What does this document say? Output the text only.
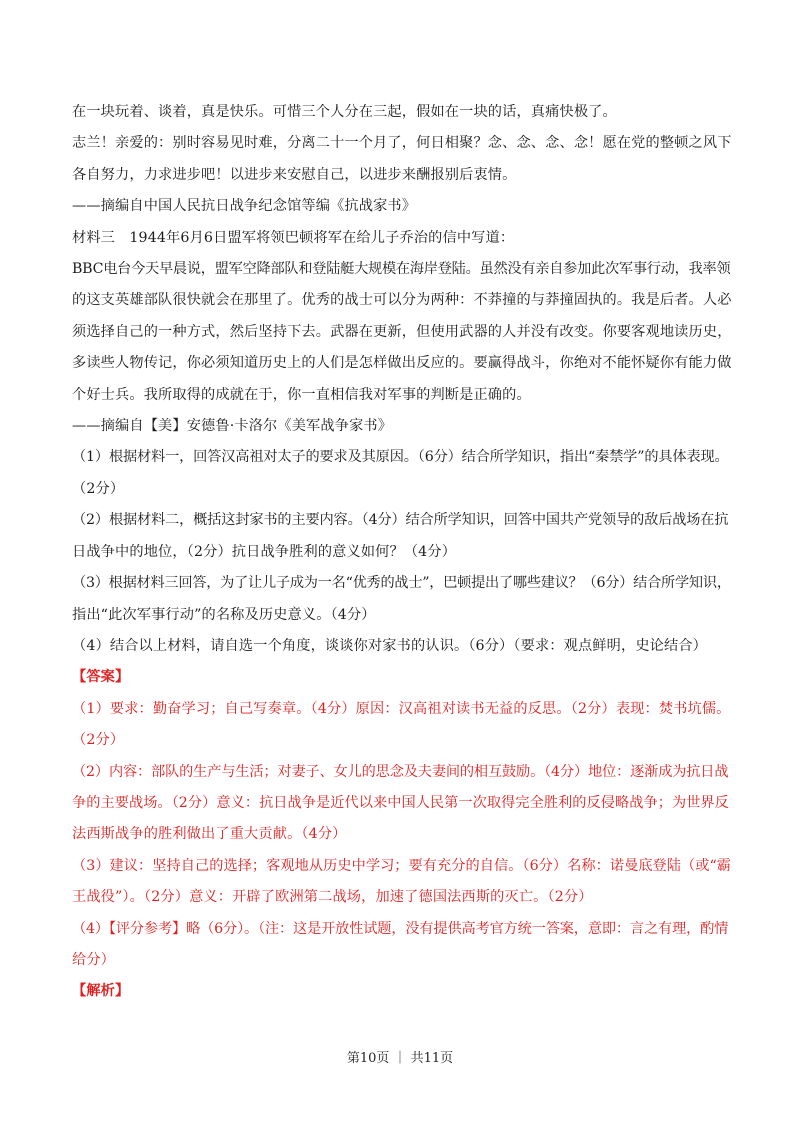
在一块玩着、谈着，真是快乐。可惜三个人分在三起，假如在一块的话，真痛快极了。
志兰！亲爱的：别时容易见时难，分离二十一个月了，何日相聚？念、念、念、念！愿在党的整顿之风下
各自努力，力求进步吧！以进步来安慰自己，以进步来酬报别后衷情。
——摘编自中国人民抗日战争纪念馆等编《抗战家书》
材料三　1944年6月6日盟军将领巴顿将军在给儿子乔治的信中写道：
BBC电台今天早晨说，盟军空降部队和登陆艇大规模在海岸登陆。虽然没有亲自参加此次军事行动，我率领
的这支英雄部队很快就会在那里了。优秀的战士可以分为两种：不莽撞的与莽撞固执的。我是后者。人必
须选择自己的一种方式，然后坚持下去。武器在更新，但使用武器的人并没有改变。你要客观地读历史，
多读些人物传记，你必须知道历史上的人们是怎样做出反应的。要赢得战斗，你绝对不能怀疑你有能力做
个好士兵。我所取得的成就在于，你一直相信我对军事的判断是正确的。
——摘编自【美】安德鲁·卡洛尔《美军战争家书》
（1）根据材料一，回答汉高祖对太子的要求及其原因。（6分）结合所学知识，指出“秦禁学”的具体表现。
（2分）
（2）根据材料二，概括这封家书的主要内容。（4分）结合所学知识，回答中国共产党领导的敌后战场在抗
日战争中的地位，（2分）抗日战争胜利的意义如何？（4分）
（3）根据材料三回答，为了让儿子成为一名“优秀的战士”，巴顿提出了哪些建议？（6分）结合所学知识，
指出“此次军事行动”的名称及历史意义。（4分）
（4）结合以上材料，请自选一个角度，谈谈你对家书的认识。（6分）（要求：观点鲜明，史论结合）
【答案】
（1）要求：勤奋学习；自己写奏章。（4分）原因：汉高祖对读书无益的反思。（2分）表现：焚书坑儒。
（2分）
（2）内容：部队的生产与生活；对妻子、女儿的思念及夫妻间的相互鼓励。（4分）地位：逐渐成为抗日战
争的主要战场。（2分）意义：抗日战争是近代以来中国人民第一次取得完全胜利的反侵略战争；为世界反
法西斯战争的胜利做出了重大贡献。（4分）
（3）建议：坚持自己的选择；客观地从历史中学习；要有充分的自信。（6分）名称：诺曼底登陆（或“霸
王战役”）。（2分）意义：开辟了欧洲第二战场，加速了德国法西斯的灭亡。（2分）
（4）【评分参考】略（6分）。（注：这是开放性试题，没有提供高考官方统一答案，意即：言之有理，酌情
给分）
【解析】
第10页 ｜ 共11页
